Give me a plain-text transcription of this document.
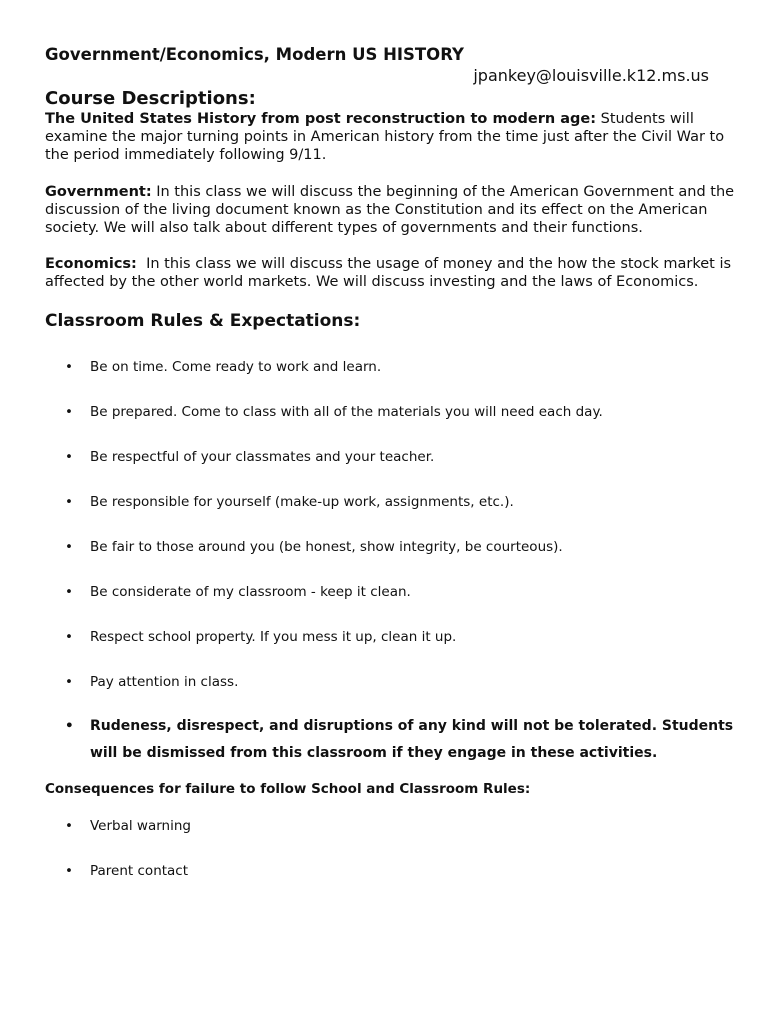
Government/Economics, Modern US HISTORY

jpankey@louisville.k12.ms.us

Course Descriptions:

The United States History from post reconstruction to modern age: Students will examine the major turning points in American history from the time just after the Civil War to the period immediately following 9/11.

Government: In this class we will discuss the beginning of the American Government and the discussion of the living document known as the Constitution and its effect on the American society. We will also talk about different types of governments and their functions.

Economics:  In this class we will discuss the usage of money and the how the stock market is affected by the other world markets. We will discuss investing and the laws of Economics.

Classroom Rules & Expectations:
• Be on time. Come ready to work and learn.
• Be prepared. Come to class with all of the materials you will need each day.
• Be respectful of your classmates and your teacher.
• Be responsible for yourself (make-up work, assignments, etc.).
• Be fair to those around you (be honest, show integrity, be courteous).
• Be considerate of my classroom - keep it clean.
• Respect school property. If you mess it up, clean it up.
• Pay attention in class.
• Rudeness, disrespect, and disruptions of any kind will not be tolerated. Students will be dismissed from this classroom if they engage in these activities.

Consequences for failure to follow School and Classroom Rules:

• Verbal warning
• Parent contact
